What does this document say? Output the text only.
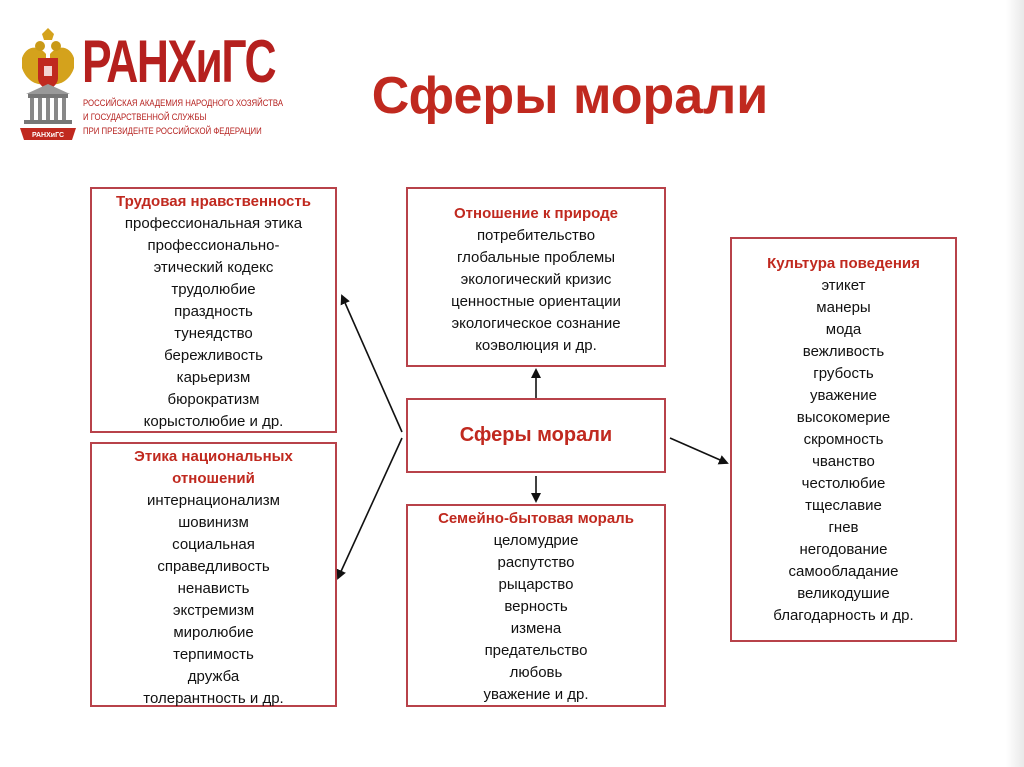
РАНХиГС
РАНХиГС
РОССИЙСКАЯ АКАДЕМИЯ НАРОДНОГО ХОЗЯЙСТВА
И ГОСУДАРСТВЕННОЙ СЛУЖБЫ
ПРИ ПРЕЗИДЕНТЕ РОССИЙСКОЙ ФЕДЕРАЦИИ
Сферы морали
Трудовая нравственность
профессиональная этика
профессионально-
этический кодекс
трудолюбие
праздность
тунеядство
бережливость
карьеризм
бюрократизм
корыстолюбие и др.
Этика национальных
отношений
интернационализм
шовинизм
социальная
справедливость
ненависть
экстремизм
миролюбие
терпимость
дружба
толерантность и др.
Отношение к природе
потребительство
глобальные проблемы
экологический кризис
ценностные ориентации
экологическое сознание
коэволюция и др.
Сферы морали
Семейно-бытовая мораль
целомудрие
распутство
рыцарство
верность
измена
предательство
любовь
уважение и др.
Культура поведения
этикет
манеры
мода
вежливость
грубость
уважение
высокомерие
скромность
чванство
честолюбие
тщеславие
гнев
негодование
самообладание
великодушие
благодарность и др.
